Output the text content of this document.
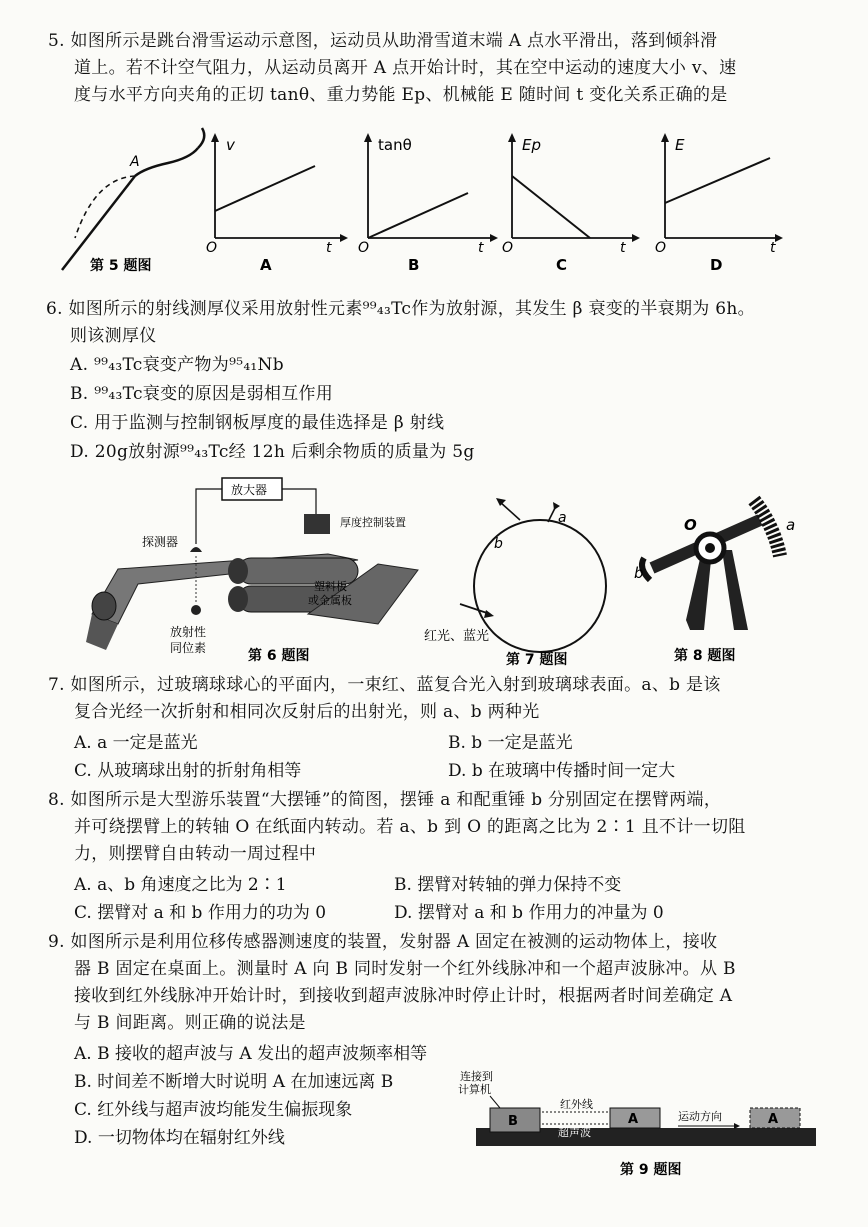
5. 如图所示是跳台滑雪运动示意图，运动员从助滑雪道末端 A 点水平滑出，落到倾斜滑
道上。若不计空气阻力，从运动员离开 A 点开始计时，其在空中运动的速度大小 v、速
度与水平方向夹角的正切 tanθ、重力势能 Ep、机械能 E 随时间 t 变化关系正确的是
A
第 5 题图
v
O	t
A
tanθ
O	t
B
Ep
O	t
C
E
O	t
D
6. 如图所示的射线测厚仪采用放射性元素⁹⁹₄₃Tc作为放射源，其发生 β 衰变的半衰期为 6h。
则该测厚仪
A. ⁹⁹₄₃Tc衰变产物为⁹⁵₄₁Nb
B. ⁹⁹₄₃Tc衰变的原因是弱相互作用
C. 用于监测与控制钢板厚度的最佳选择是 β 射线
D. 20g放射源⁹⁹₄₃Tc经 12h 后剩余物质的质量为 5g
放大器
厚度控制装置
探测器
塑料板或金属板
放射性同位素	第 6 题图
b
a
红光、蓝光
第 7 题图
O	a
b
第 8 题图
7. 如图所示，过玻璃球球心的平面内，一束红、蓝复合光入射到玻璃球表面。a、b 是该
复合光经一次折射和相同次反射后的出射光，则 a、b 两种光
A. a 一定是蓝光	B. b 一定是蓝光
C. 从玻璃球出射的折射角相等	D. b 在玻璃中传播时间一定大
8. 如图所示是大型游乐装置“大摆锤”的简图，摆锤 a 和配重锤 b 分别固定在摆臂两端，
并可绕摆臂上的转轴 O 在纸面内转动。若 a、b 到 O 的距离之比为 2∶1 且不计一切阻
力，则摆臂自由转动一周过程中
A. a、b 角速度之比为 2∶1	B. 摆臂对转轴的弹力保持不变
C. 摆臂对 a 和 b 作用力的功为 0	D. 摆臂对 a 和 b 作用力的冲量为 0
9. 如图所示是利用位移传感器测速度的装置，发射器 A 固定在被测的运动物体上，接收
器 B 固定在桌面上。测量时 A 向 B 同时发射一个红外线脉冲和一个超声波脉冲。从 B
接收到红外线脉冲开始计时，到接收到超声波脉冲时停止计时，根据两者时间差确定 A
与 B 间距离。则正确的说法是
A. B 接收的超声波与 A 发出的超声波频率相等
B. 时间差不断增大时说明 A 在加速远离 B
C. 红外线与超声波均能发生偏振现象
D. 一切物体均在辐射红外线
连接到计算机
B	A
红外线
超声波
运动方向	A
第 9 题图
